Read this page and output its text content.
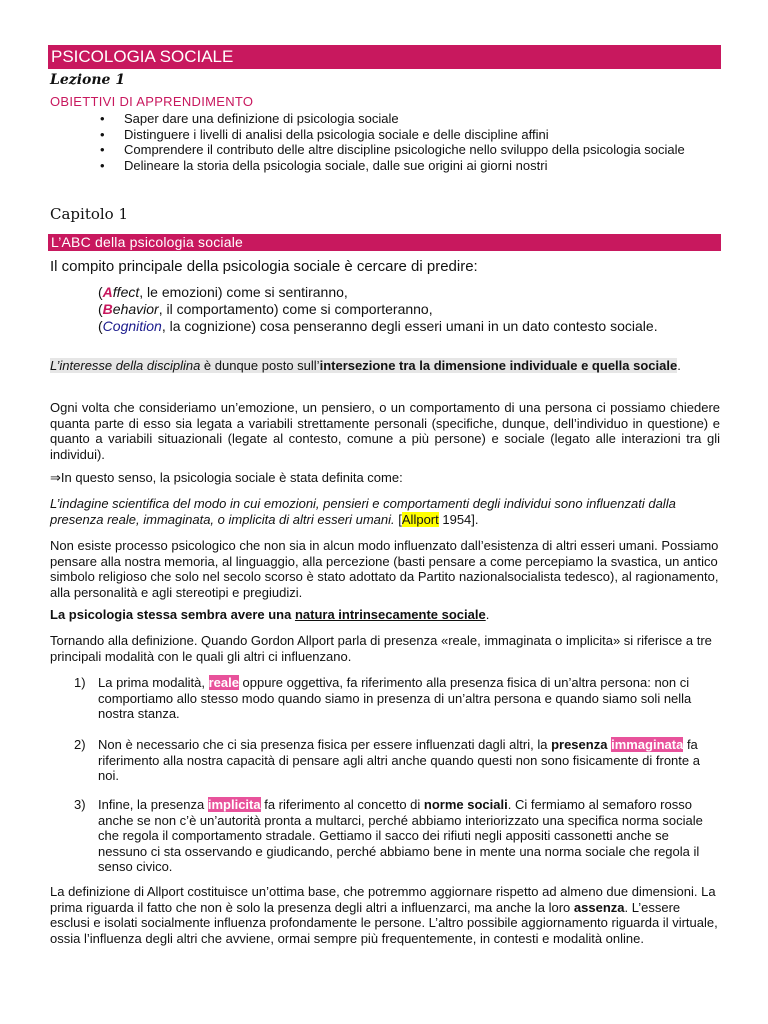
PSICOLOGIA SOCIALE
Lezione 1
OBIETTIVI DI APPRENDIMENTO
• Saper dare una definizione di psicologia sociale
• Distinguere i livelli di analisi della psicologia sociale e delle discipline affini
• Comprendere il contributo delle altre discipline psicologiche nello sviluppo della psicologia sociale
• Delineare la storia della psicologia sociale, dalle sue origini ai giorni nostri
Capitolo 1
L’ABC della psicologia sociale
Il compito principale della psicologia sociale è cercare di predire:
(Affect, le emozioni) come si sentiranno,
(Behavior, il comportamento) come si comporteranno,
(Cognition, la cognizione) cosa penseranno degli esseri umani in un dato contesto sociale.
L’interesse della disciplina è dunque posto sull’intersezione tra la dimensione individuale e quella sociale.
Ogni volta che consideriamo un’emozione, un pensiero, o un comportamento di una persona ci possiamo chiedere quanta parte di esso sia legata a variabili strettamente personali (specifiche, dunque, dell’individuo in questione) e quanto a variabili situazionali (legate al contesto, comune a più persone) e sociale (legato alle interazioni tra gli individui).
⇒In questo senso, la psicologia sociale è stata definita come:
L’indagine scientifica del modo in cui emozioni, pensieri e comportamenti degli individui sono influenzati dalla presenza reale, immaginata, o implicita di altri esseri umani. [Allport 1954].
Non esiste processo psicologico che non sia in alcun modo influenzato dall’esistenza di altri esseri umani. Possiamo pensare alla nostra memoria, al linguaggio, alla percezione (basti pensare a come percepiamo la svastica, un antico simbolo religioso che solo nel secolo scorso è stato adottato da Partito nazionalsocialista tedesco), al ragionamento, alla personalità e agli stereotipi e pregiudizi.
La psicologia stessa sembra avere una natura intrinsecamente sociale.
Tornando alla definizione. Quando Gordon Allport parla di presenza «reale, immaginata o implicita» si riferisce a tre principali modalità con le quali gli altri ci influenzano.
1) La prima modalità, reale oppure oggettiva, fa riferimento alla presenza fisica di un’altra persona: non ci comportiamo allo stesso modo quando siamo in presenza di un’altra persona e quando siamo soli nella nostra stanza.
2) Non è necessario che ci sia presenza fisica per essere influenzati dagli altri, la presenza immaginata fa riferimento alla nostra capacità di pensare agli altri anche quando questi non sono fisicamente di fronte a noi.
3) Infine, la presenza implicita fa riferimento al concetto di norme sociali. Ci fermiamo al semaforo rosso anche se non c’è un’autorità pronta a multarci, perché abbiamo interiorizzato una specifica norma sociale che regola il comportamento stradale. Gettiamo il sacco dei rifiuti negli appositi cassonetti anche se nessuno ci sta osservando e giudicando, perché abbiamo bene in mente una norma sociale che regola il senso civico.
La definizione di Allport costituisce un’ottima base, che potremmo aggiornare rispetto ad almeno due dimensioni. La prima riguarda il fatto che non è solo la presenza degli altri a influenzarci, ma anche la loro assenza. L’essere esclusi e isolati socialmente influenza profondamente le persone. L’altro possibile aggiornamento riguarda il virtuale, ossia l’influenza degli altri che avviene, ormai sempre più frequentemente, in contesti e modalità online.
